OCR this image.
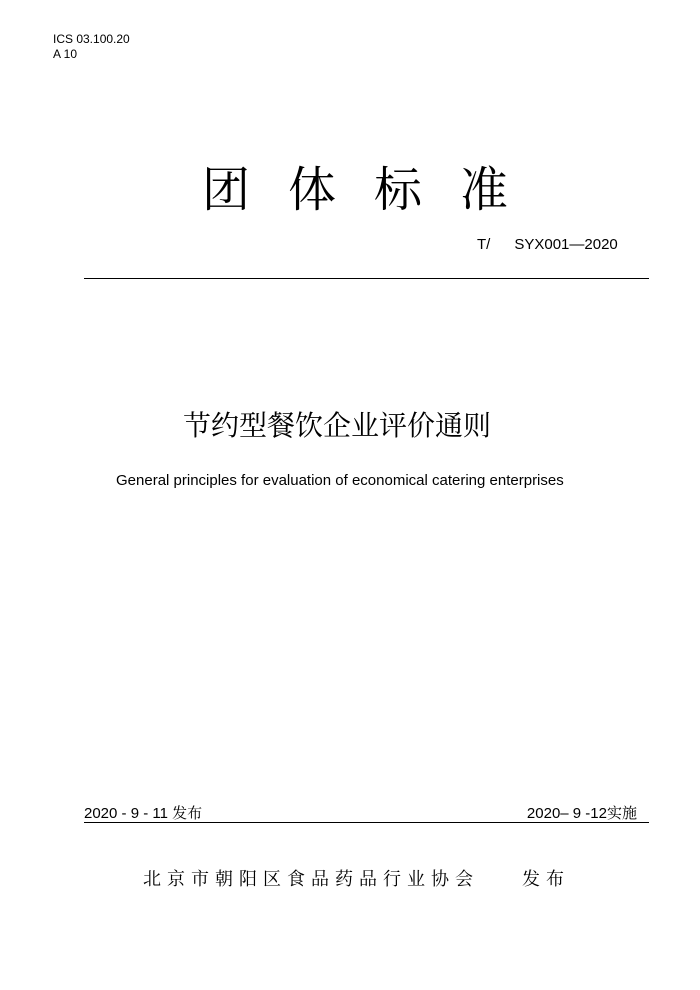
ICS 03.100.20
A 10
团体标准
T/ SYX001—2020
节约型餐饮企业评价通则
General principles for evaluation of economical catering enterprises
2020 - 9 - 11 发布	2020– 9 -12实施
北京市朝阳区食品药品行业协会 发布
